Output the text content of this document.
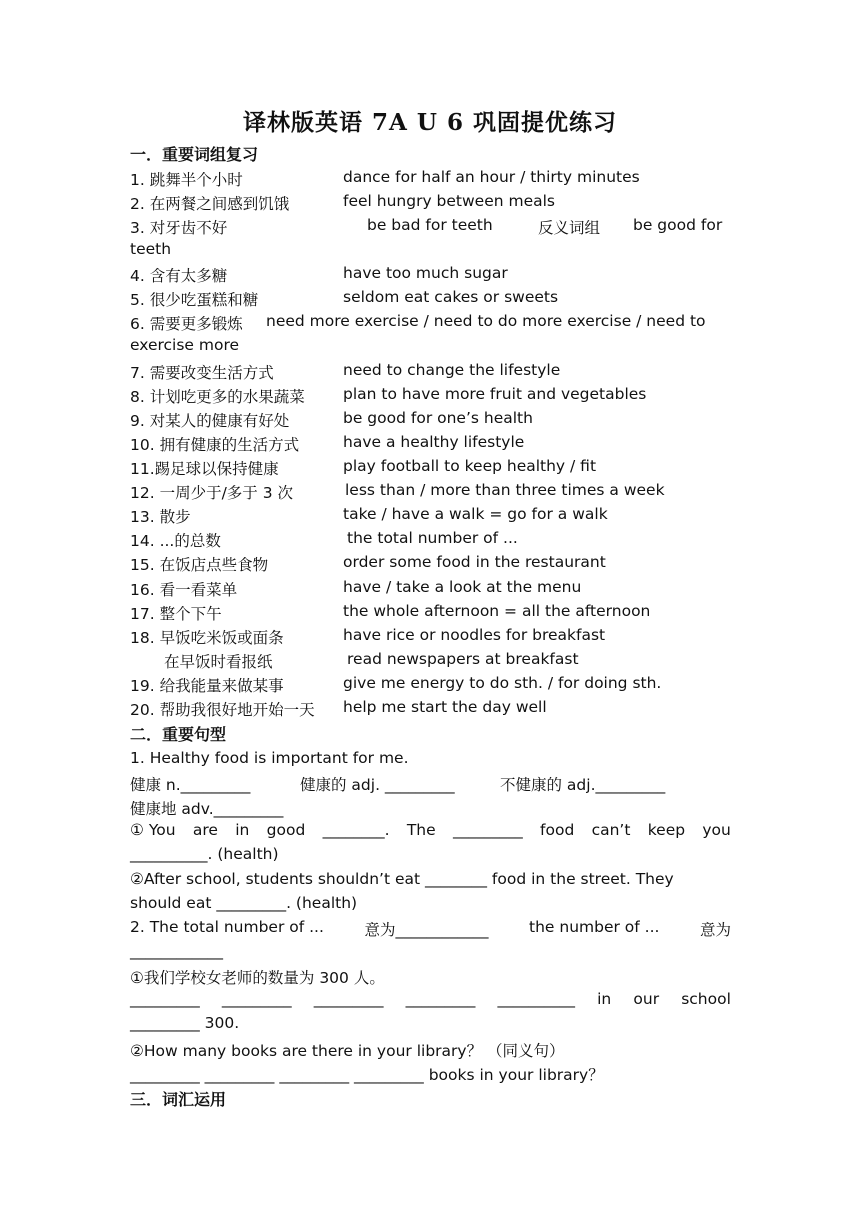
译林版英语 7A U 6 巩固提优练习
一．重要词组复习
1. 跳舞半个小时	dance for half an hour / thirty minutes
2. 在两餐之间感到饥饿	feel hungry between meals
3. 对牙齿不好	be bad for teeth	反义词组 be good for
teeth
4. 含有太多糖	have too much sugar
5. 很少吃蛋糕和糖	seldom eat cakes or sweets
6. 需要更多锻炼 need more exercise / need to do more exercise / need to
exercise more
7. 需要改变生活方式	need to change the lifestyle
8. 计划吃更多的水果蔬菜 plan to have more fruit and vegetables
9. 对某人的健康有好处	be good for one’s health
10. 拥有健康的生活方式	have a healthy lifestyle
11.踢足球以保持健康	play football to keep healthy / fit
12. 一周少于/多于 3 次	less than / more than three times a week
13. 散步	take / have a walk = go for a walk
14. ...的总数	the total number of ...
15. 在饭店点些食物	order some food in the restaurant
16. 看一看菜单	have / take a look at the menu
17. 整个下午	the whole afternoon = all the afternoon
18. 早饭吃米饭或面条	have rice or noodles for breakfast
在早饭时看报纸	read newspapers at breakfast
19. 给我能量来做某事	give me energy to do sth. / for doing sth.
20. 帮助我很好地开始一天 help me start the day well
二．重要句型
1. Healthy food is important for me.
健康 n._________	健康的 adj. _________	不健康的 adj._________
健康地 adv._________
① You are in good ________. The _________ food can’t keep you
__________. (health)
②After school, students shouldn’t eat ________ food in the street. They
should eat _________. (health)
2. The total number of ...	意为____________	the number of ...	意为
____________
①我们学校女老师的数量为 300 人。
_________ _________ _________ _________ __________ in our school
_________ 300.
②How many books are there in your library？ （同义句）
_________ _________ _________ _________ books in your library？
三．词汇运用
